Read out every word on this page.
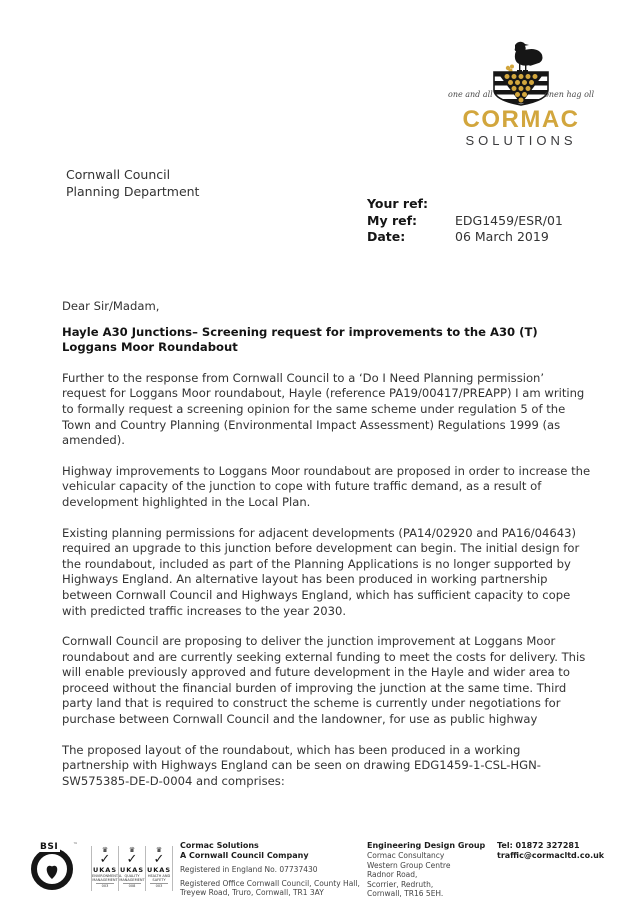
one and all	onen hag oll
CORMAC
SOLUTIONS
Cornwall Council
Planning Department
Your ref:
My ref:	EDG1459/ESR/01
Date:	06 March 2019

Dear Sir/Madam,

Hayle A30 Junctions– Screening request for improvements to the A30 (T) Loggans Moor Roundabout

Further to the response from Cornwall Council to a ‘Do I Need Planning permission’ request for Loggans Moor roundabout, Hayle (reference PA19/00417/PREAPP) I am writing to formally request a screening opinion for the same scheme under regulation 5 of the Town and Country Planning (Environmental Impact Assessment) Regulations 1999 (as amended).

Highway improvements to Loggans Moor roundabout are proposed in order to increase the vehicular capacity of the junction to cope with future traffic demand, as a result of development highlighted in the Local Plan.

Existing planning permissions for adjacent developments (PA14/02920 and PA16/04643) required an upgrade to this junction before development can begin. The initial design for the roundabout, included as part of the Planning Applications is no longer supported by Highways England. An alternative layout has been produced in working partnership between Cornwall Council and Highways England, which has sufficient capacity to cope with predicted traffic increases to the year 2030.

Cornwall Council are proposing to deliver the junction improvement at Loggans Moor roundabout and are currently seeking external funding to meet the costs for delivery. This will enable previously approved and future development in the Hayle and wider area to proceed without the financial burden of improving the junction at the same time. Third party land that is required to construct the scheme is currently under negotiations for purchase between Cornwall Council and the landowner, for use as public highway

The proposed layout of the roundabout, which has been produced in a working partnership with Highways England can be seen on drawing EDG1459-1-CSL-HGN-SW575385-DE-D-0004 and comprises:

BSI	™
♛
✓
UKAS
ENVIRONMENTAL
MANAGEMENT
003
♛
✓
UKAS
QUALITY
MANAGEMENT
008
♛
✓
UKAS
HEALTH AND
SAFETY
003
Cormac Solutions
A Cornwall Council Company
Registered in England No. 07737430
Registered Office Cornwall Council, County Hall,
Treyew Road, Truro, Cornwall, TR1 3AY
Engineering Design Group
Cormac Consultancy
Western Group Centre
Radnor Road,
Scorrier, Redruth,
Cornwall, TR16 5EH.
Tel: 01872 327281
traffic@cormacltd.co.uk
